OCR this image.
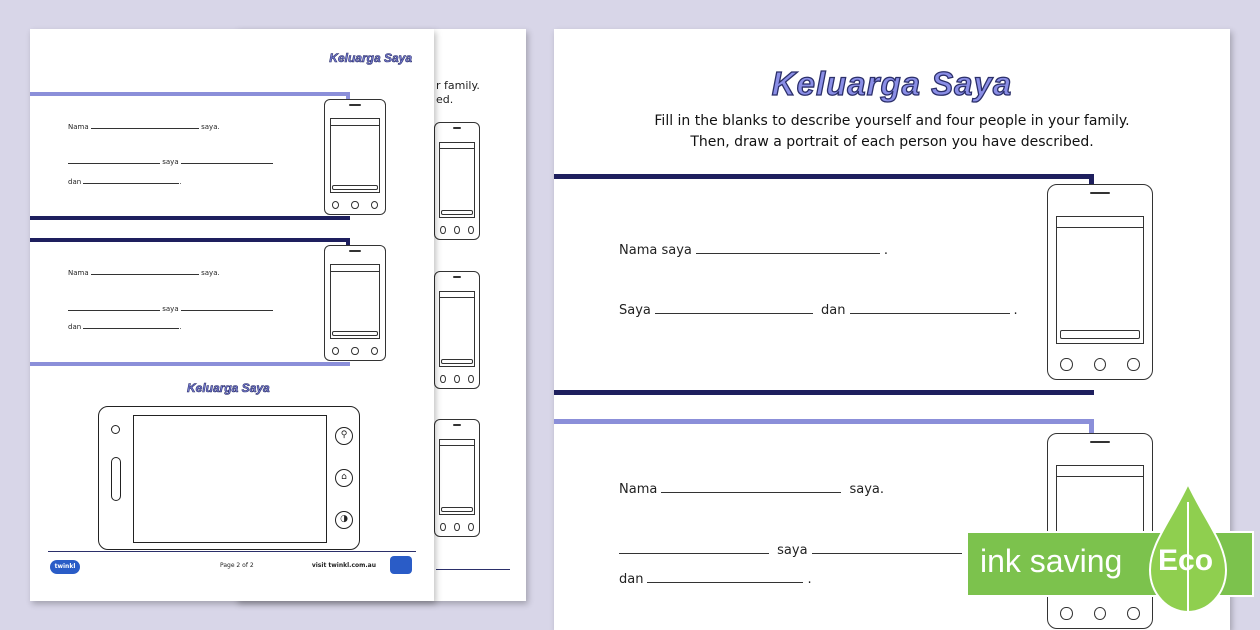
r family.
ed.
Keluarga Saya
Nama	saya.
saya
dan	.
Nama	saya.
saya
dan	.
Keluarga Saya
⚲
⌂
◑
twinkl	Page 2 of 2	visit twinkl.com.au
Keluarga Saya
Fill in the blanks to describe yourself and four people in your family.
Then, draw a portrait of each person you have described.
Nama saya	.
Saya	dan	.
Nama	saya.
saya
dan	.
ink saving Eco
